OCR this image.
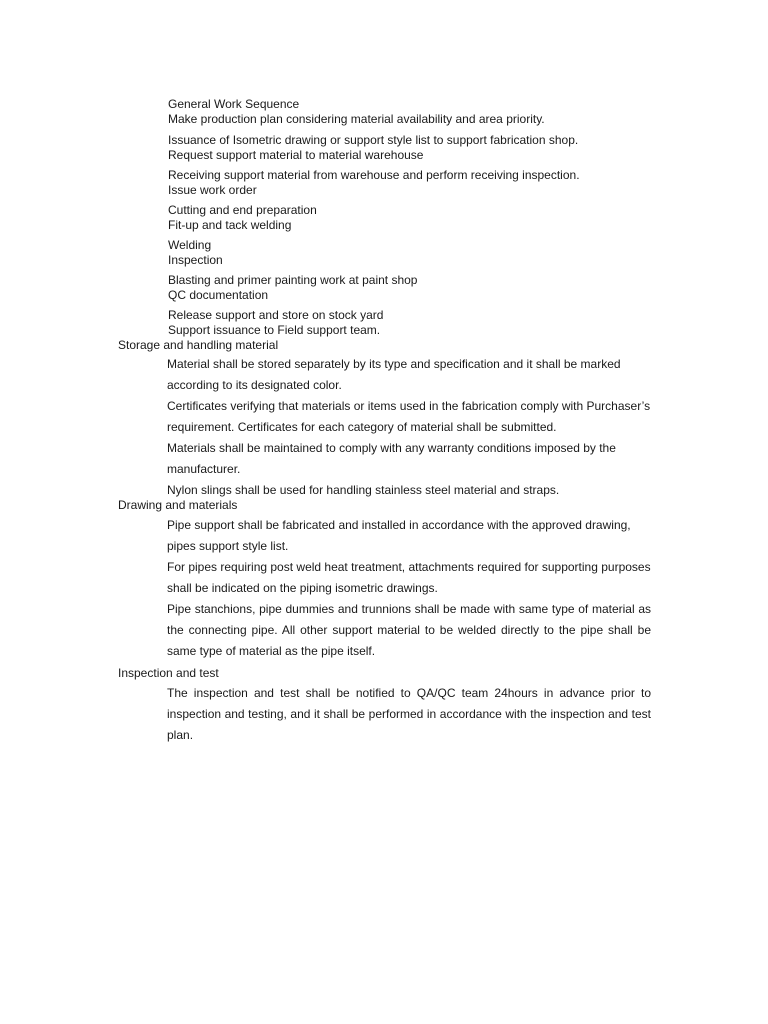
General Work Sequence
Make production plan considering material availability and area priority.
Issuance of Isometric drawing or support style list to support fabrication shop.
Request support material to material warehouse
Receiving support material from warehouse and perform receiving inspection.
Issue work order
Cutting and end preparation
Fit-up and tack welding
Welding
Inspection
Blasting and primer painting work at paint shop
QC documentation
Release support and store on stock yard
Support issuance to Field support team.
Storage and handling material
Material shall be stored separately by its type and specification and it shall be marked according to its designated color.
Certificates verifying that materials or items used in the fabrication comply with Purchaser’s requirement. Certificates for each category of material shall be submitted.
Materials shall be maintained to comply with any warranty conditions imposed by the manufacturer.
Nylon slings shall be used for handling stainless steel material and straps.
Drawing and materials
Pipe support shall be fabricated and installed in accordance with the approved drawing, pipes support style list.
For pipes requiring post weld heat treatment, attachments required for supporting purposes shall be indicated on the piping isometric drawings.
Pipe stanchions, pipe dummies and trunnions shall be made with same type of material as the connecting pipe. All other support material to be welded directly to the pipe shall be same type of material as the pipe itself.
Inspection and test
The inspection and test shall be notified to QA/QC team 24hours in advance prior to inspection and testing, and it shall be performed in accordance with the inspection and test plan.
